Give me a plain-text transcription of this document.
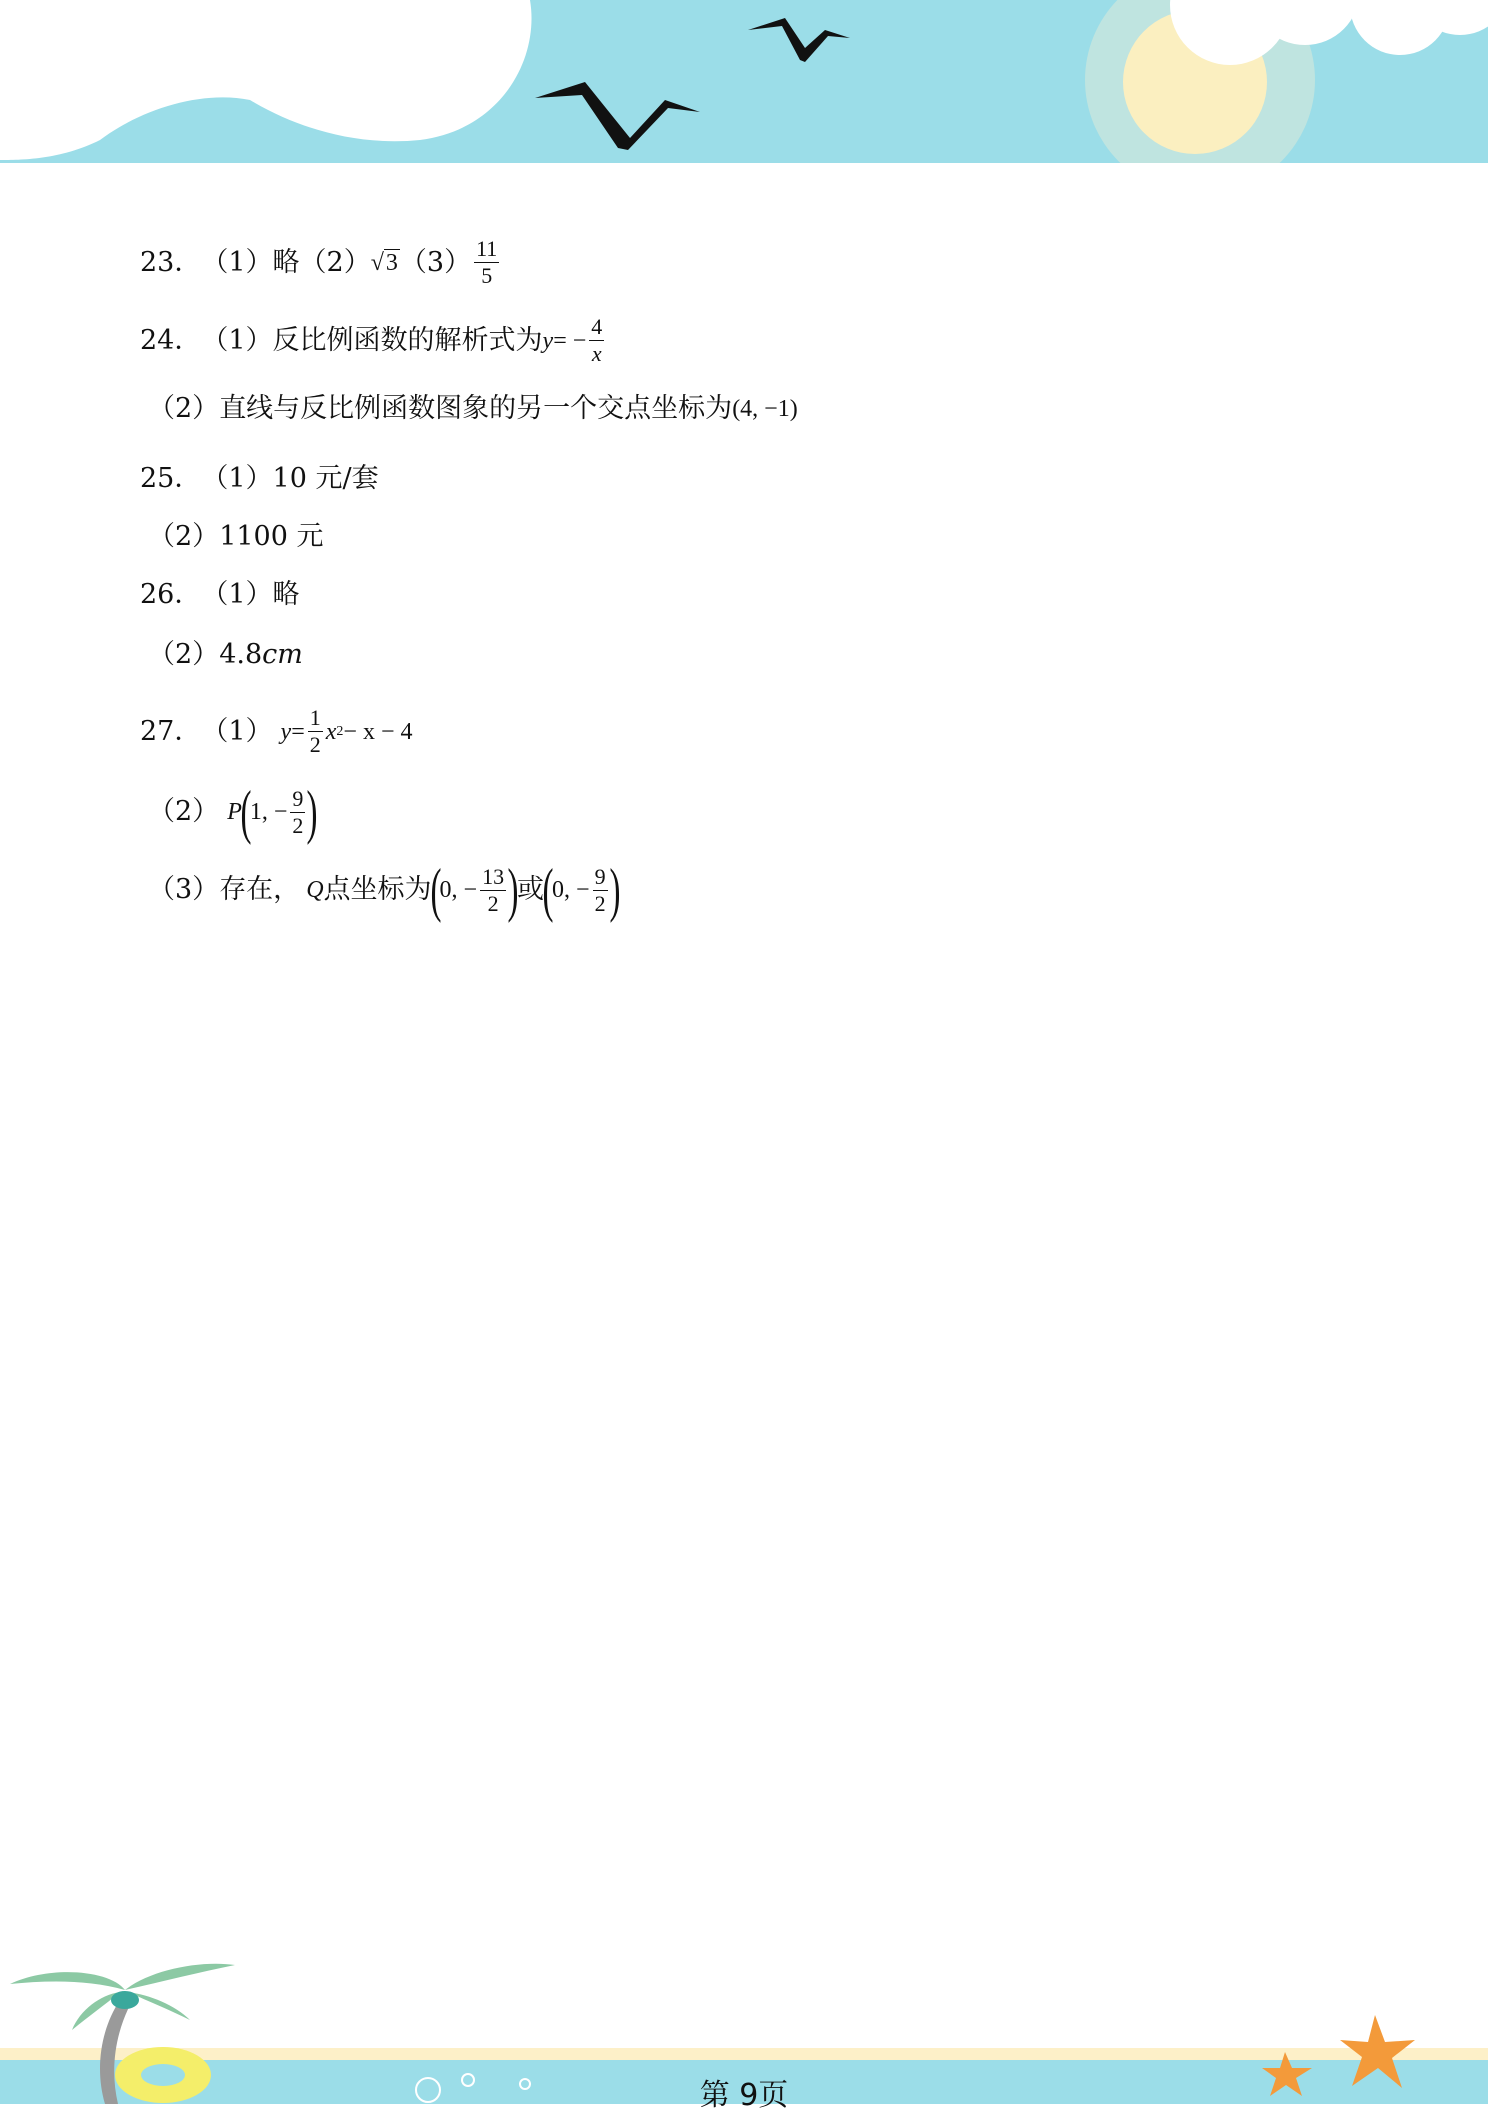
23． （1） 略 （2） √3 $(3) \frac{11}{5}$
24． （1） 反比例函数的解析式为 y = − $\frac{4}{x}$
（2） 直线与反比例函数图象的另一个交点坐标为 (4, −1)
25． （1） 10 元/套
（2） 1100 元
26． （1） 略
（2） 4.8 cm
27． （1） $y = \frac{1}{2}$ x 2 − x − 4
（2） P
(
1, − $\frac{9}{2}$ )
（3） 存在， Q 点坐标为
(
0, − $\frac{13}{2}$ )
或
(
0, − $\frac{9}{2}$ )
第 9页
